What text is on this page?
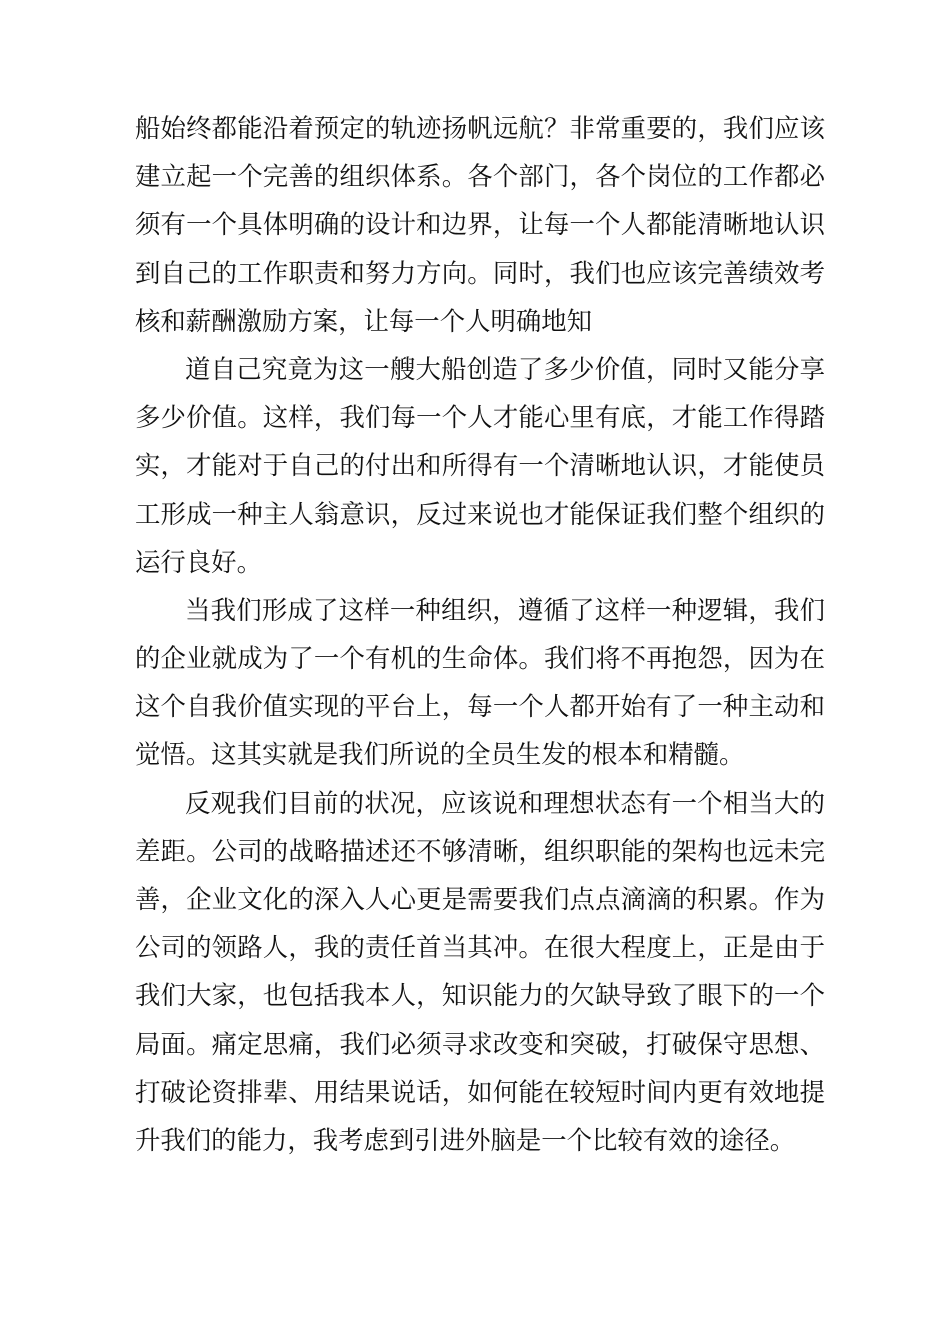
船始终都能沿着预定的轨迹扬帆远航？非常重要的，我们应该
建立起一个完善的组织体系。各个部门，各个岗位的工作都必
须有一个具体明确的设计和边界，让每一个人都能清晰地认识
到自己的工作职责和努力方向。同时，我们也应该完善绩效考
核和薪酬激励方案，让每一个人明确地知
道自己究竟为这一艘大船创造了多少价值，同时又能分享
多少价值。这样，我们每一个人才能心里有底，才能工作得踏
实，才能对于自己的付出和所得有一个清晰地认识，才能使员
工形成一种主人翁意识，反过来说也才能保证我们整个组织的
运行良好。
当我们形成了这样一种组织，遵循了这样一种逻辑，我们
的企业就成为了一个有机的生命体。我们将不再抱怨，因为在
这个自我价值实现的平台上，每一个人都开始有了一种主动和
觉悟。这其实就是我们所说的全员生发的根本和精髓。
反观我们目前的状况，应该说和理想状态有一个相当大的
差距。公司的战略描述还不够清晰，组织职能的架构也远未完
善，企业文化的深入人心更是需要我们点点滴滴的积累。作为
公司的领路人，我的责任首当其冲。在很大程度上，正是由于
我们大家，也包括我本人，知识能力的欠缺导致了眼下的一个
局面。痛定思痛，我们必须寻求改变和突破，打破保守思想、
打破论资排辈、用结果说话，如何能在较短时间内更有效地提
升我们的能力，我考虑到引进外脑是一个比较有效的途径。
